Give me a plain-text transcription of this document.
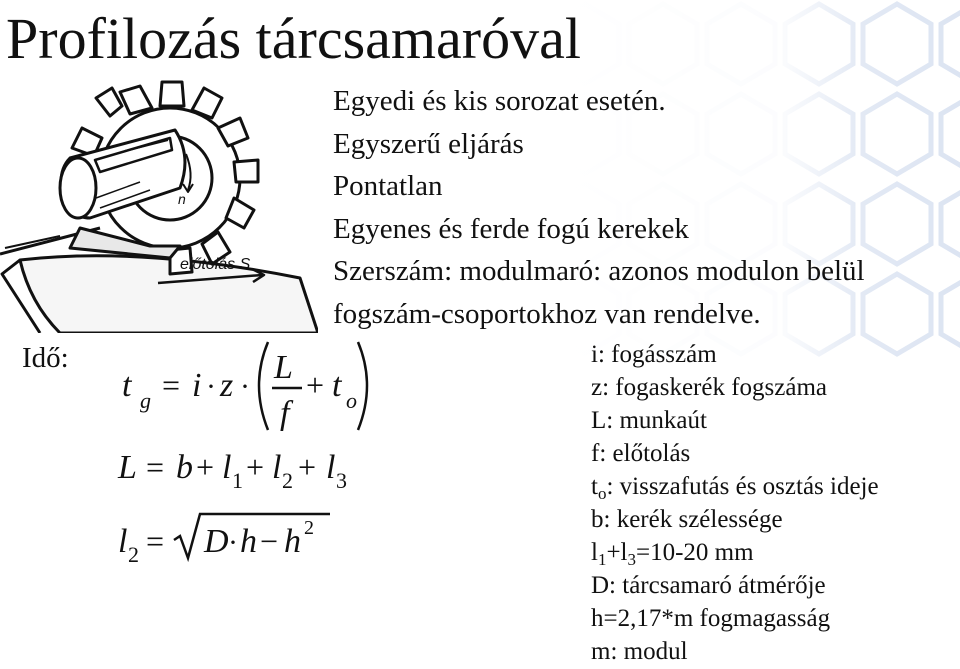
Profilozás tárcsamaróval
előtolás S
n
Egyedi és kis sorozat esetén.
Egyszerű eljárás
Pontatlan
Egyenes és ferde fogú kerekek
Szerszám: modulmaró: azonos modulon belül
fogszám-csoportokhoz van rendelve.
Idő:
t g = i · z ·
L
f
+ t o
L = b + l 1 + l 2 + l 3
l 2 = D · h − h 2
i: fogásszám
z: fogaskerék fogszáma
L: munkaút
f: előtolás
$t_o$: visszafutás és osztás ideje
b: kerék szélessége
$l_1+l_3=10-20$ mm
D: tárcsamaró átmérője
h=2,17*m fogmagasság
m: modul
